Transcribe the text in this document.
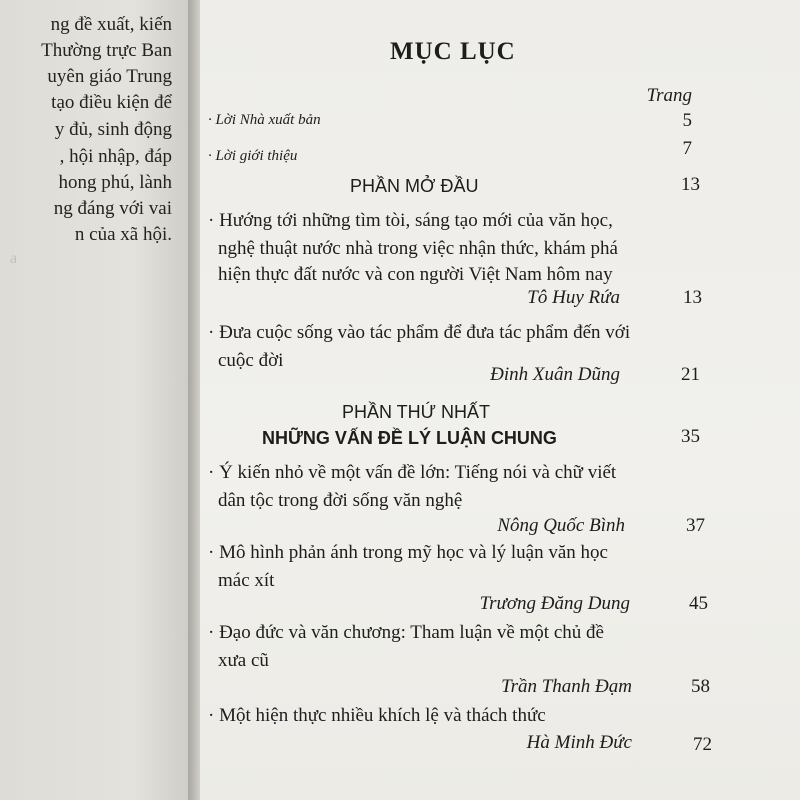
a
ng đề xuất, kiến
Thường trực Ban
uyên giáo Trung
tạo điều kiện để
y đủ, sinh động
, hội nhập, đáp
hong phú, lành
ng đáng với vai
n của xã hội.
MỤC LỤC
Trang
· Lời Nhà xuất bản	5
· Lời giới thiệu	7
PHẦN MỞ ĐẦU	13
· Hướng tới những tìm tòi, sáng tạo mới của văn học,
nghệ thuật nước nhà trong việc nhận thức, khám phá
hiện thực đất nước và con người Việt Nam hôm nay
Tô Huy Rứa	13
· Đưa cuộc sống vào tác phẩm để đưa tác phẩm đến với
cuộc đời
Đinh Xuân Dũng	21
PHẦN THỨ NHẤT
NHỮNG VẤN ĐỀ LÝ LUẬN CHUNG	35
· Ý kiến nhỏ về một vấn đề lớn: Tiếng nói và chữ viết
dân tộc trong đời sống văn nghệ
Nông Quốc Bình	37
· Mô hình phản ánh trong mỹ học và lý luận văn học
mác xít
Trương Đăng Dung	45
· Đạo đức và văn chương: Tham luận về một chủ đề
xưa cũ
Trần Thanh Đạm	58
· Một hiện thực nhiều khích lệ và thách thức
Hà Minh Đức	72
